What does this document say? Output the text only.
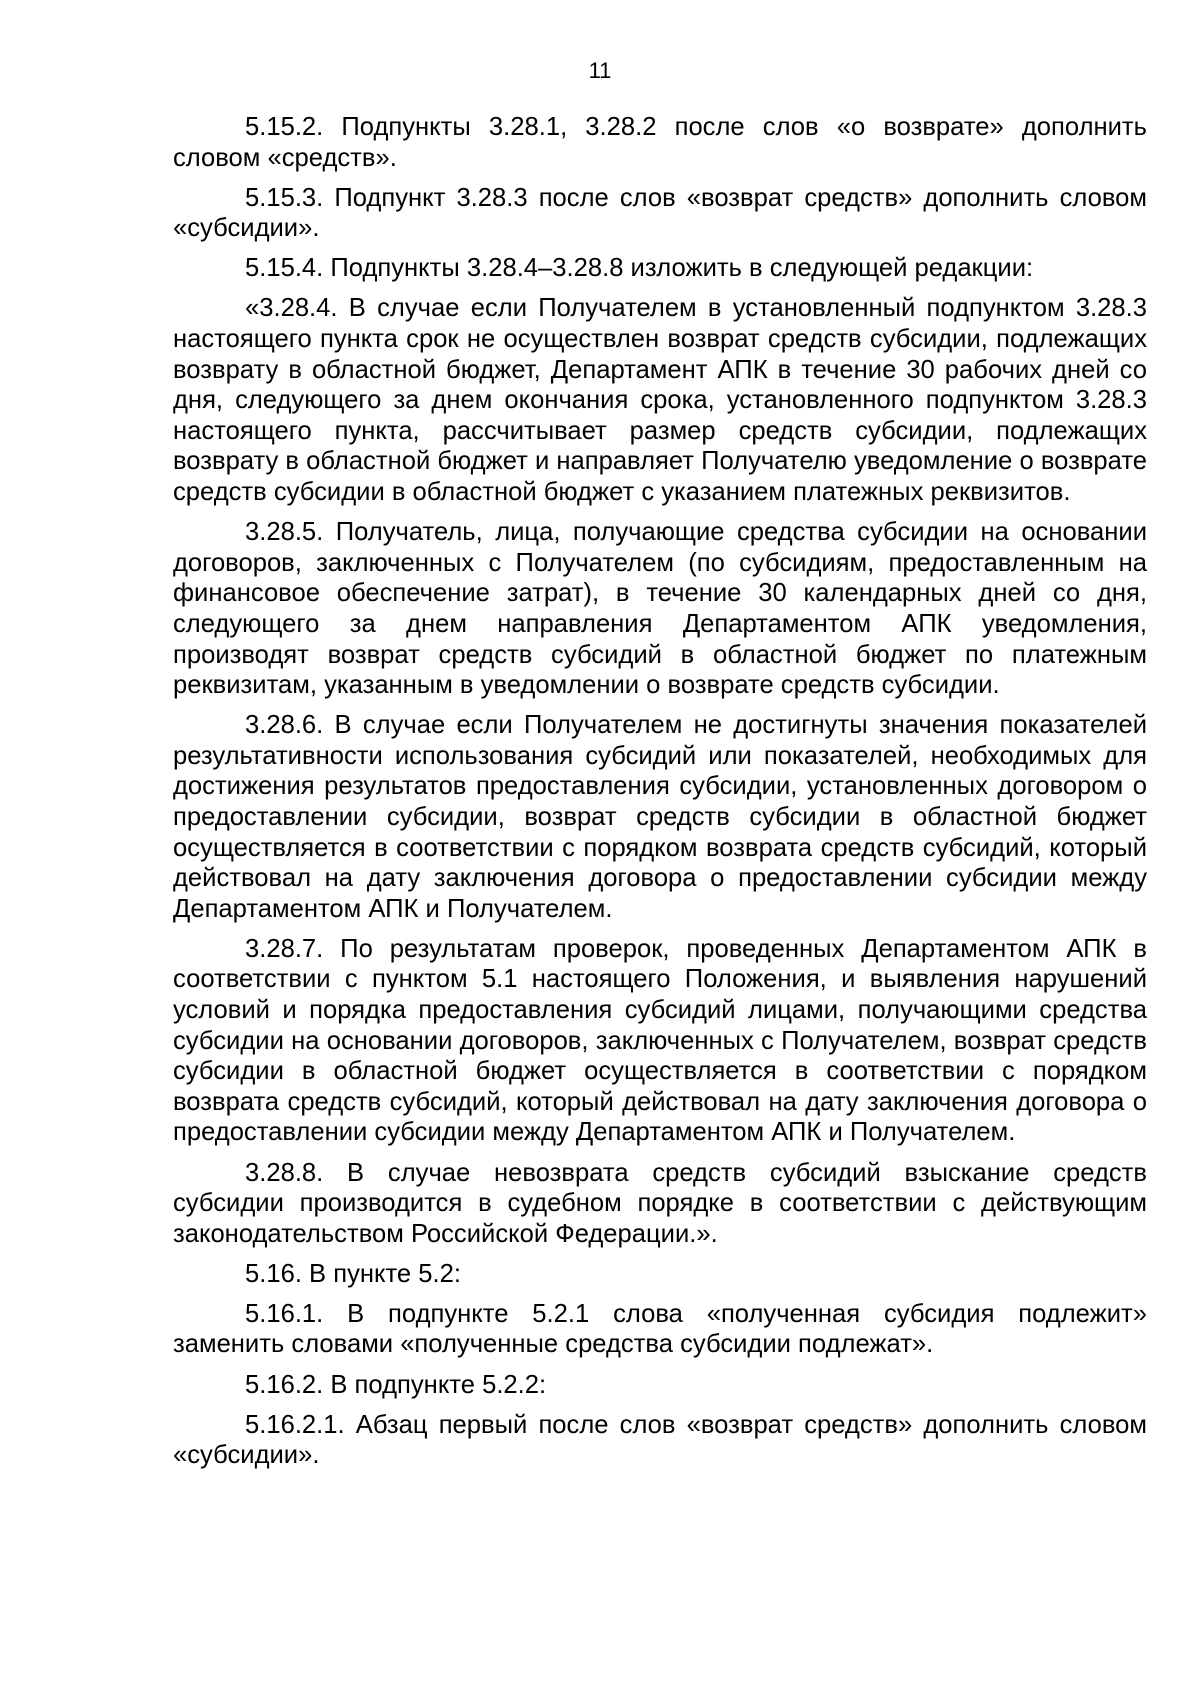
11

5.15.2. Подпункты 3.28.1, 3.28.2 после слов «о возврате» дополнить словом «средств».

5.15.3. Подпункт 3.28.3 после слов «возврат средств» дополнить словом «субсидии».

5.15.4. Подпункты 3.28.4–3.28.8 изложить в следующей редакции:

«3.28.4. В случае если Получателем в установленный подпунктом 3.28.3 настоящего пункта срок не осуществлен возврат средств субсидии, подлежащих возврату в областной бюджет, Департамент АПК в течение 30 рабочих дней со дня, следующего за днем окончания срока, установленного подпунктом 3.28.3 настоящего пункта, рассчитывает размер средств субсидии, подлежащих возврату в областной бюджет и направляет Получателю уведомление о возврате средств субсидии в областной бюджет с указанием платежных реквизитов.

3.28.5. Получатель, лица, получающие средства субсидии на основании договоров, заключенных с Получателем (по субсидиям, предоставленным на финансовое обеспечение затрат), в течение 30 календарных дней со дня, следующего за днем направления Департаментом АПК уведомления, производят возврат средств субсидий в областной бюджет по платежным реквизитам, указанным в уведомлении о возврате средств субсидии.

3.28.6. В случае если Получателем не достигнуты значения показателей результативности использования субсидий или показателей, необходимых для достижения результатов предоставления субсидии, установленных договором о предоставлении субсидии, возврат средств субсидии в областной бюджет осуществляется в соответствии с порядком возврата средств субсидий, который действовал на дату заключения договора о предоставлении субсидии между Департаментом АПК и Получателем.

3.28.7. По результатам проверок, проведенных Департаментом АПК в соответствии с пунктом 5.1 настоящего Положения, и выявления нарушений условий и порядка предоставления субсидий лицами, получающими средства субсидии на основании договоров, заключенных с Получателем, возврат средств субсидии в областной бюджет осуществляется в соответствии с порядком возврата средств субсидий, который действовал на дату заключения договора о предоставлении субсидии между Департаментом АПК и Получателем.

3.28.8. В случае невозврата средств субсидий взыскание средств субсидии производится в судебном порядке в соответствии с действующим законодательством Российской Федерации.».

5.16. В пункте 5.2:

5.16.1. В подпункте 5.2.1 слова «полученная субсидия подлежит» заменить словами «полученные средства субсидии подлежат».

5.16.2. В подпункте 5.2.2:

5.16.2.1. Абзац первый после слов «возврат средств» дополнить словом «субсидии».
